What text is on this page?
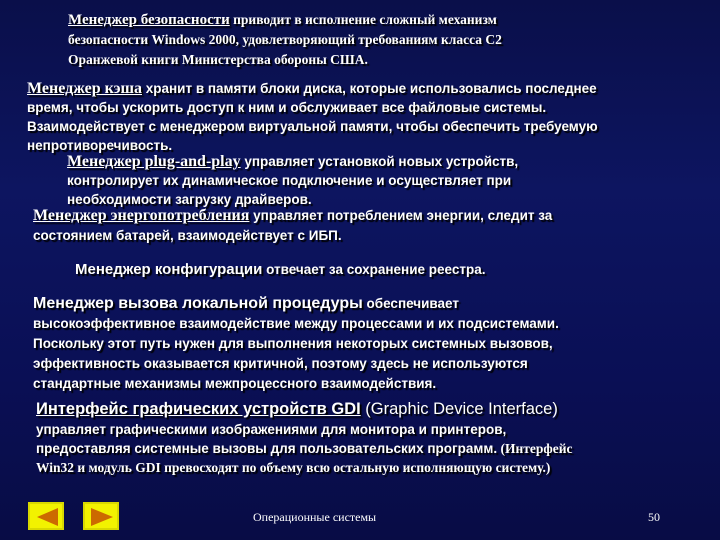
Менеджер безопасности приводит в исполнение сложный механизм
безопасности Windows 2000, удовлетворяющий требованиям класса С2
Оранжевой книги Министерства обороны США.
Менеджер кэша хранит в памяти блоки диска, которые использовались последнее
время, чтобы ускорить доступ к ним и обслуживает все файловые системы.
Взаимодействует с менеджером виртуальной памяти, чтобы обеспечить требуемую
непротиворечивость.
Менеджер plug-and-play управляет установкой новых устройств,
контролирует их динамическое подключение и осуществляет при
необходимости загрузку драйверов.
Менеджер энергопотребления управляет потреблением энергии, следит за
состоянием батарей, взаимодействует с ИБП.
Менеджер конфигурации отвечает за сохранение реестра.
Менеджер вызова локальной процедуры обеспечивает
высокоэффективное взаимодействие между процессами и их подсистемами.
Поскольку этот путь нужен для выполнения некоторых системных вызовов,
эффективность оказывается критичной, поэтому здесь не используются
стандартные механизмы межпроцессного взаимодействия.
Интерфейс графических устройств GDI (Graphic Device Interface)
управляет графическими изображениями для монитора и принтеров,
предоставляя системные вызовы для пользовательских программ. (Интерфейс
Win32 и модуль GDI превосходят по объему всю остальную исполняющую систему.)
Операционные системы	50
